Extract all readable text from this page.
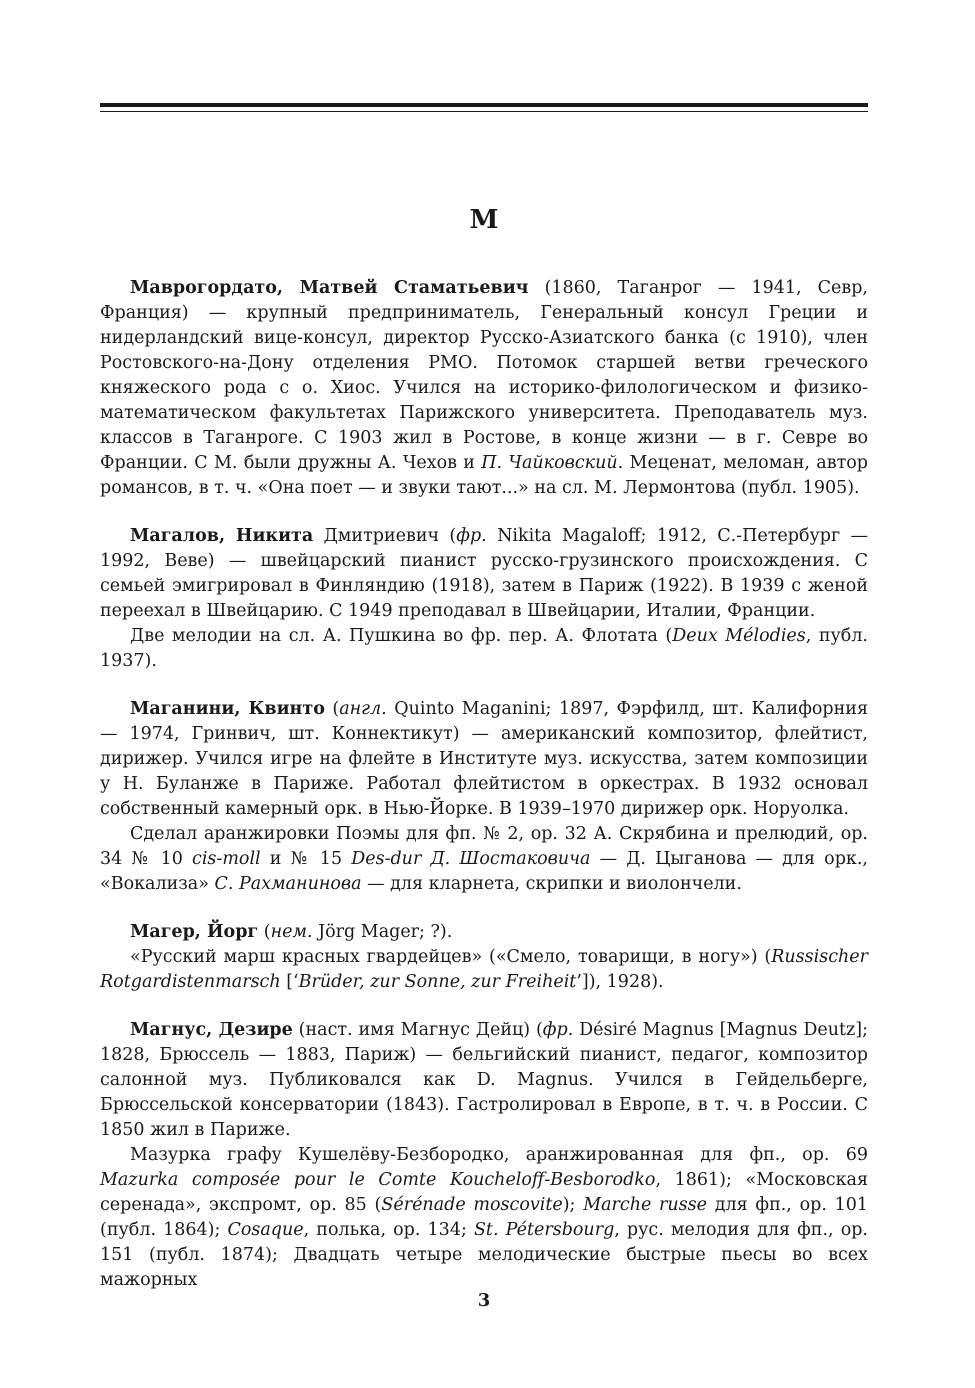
М

Маврогордато, Матвей Стаматьевич (1860, Таганрог — 1941, Севр, Франция) — крупный предприниматель, Генеральный консул Греции и нидерландский вице-консул, директор Русско-Азиатского банка (с 1910), член Ростовского-на-Дону отделения РМО. Потомок старшей ветви греческого княжеского рода с о. Хиос. Учился на историко-филологическом и физико-математическом факультетах Парижского университета. Преподаватель муз. классов в Таганроге. С 1903 жил в Ростове, в конце жизни — в г. Севре во Франции. С М. были дружны А. Чехов и П. Чайковский. Меценат, меломан, автор романсов, в т. ч. «Она поет — и звуки тают...» на сл. М. Лермонтова (публ. 1905).

Магалов, Никита Дмитриевич (фр. Nikita Magaloff; 1912, С.-Петербург — 1992, Веве) — швейцарский пианист русско-грузинского происхождения. С семьей эмигрировал в Финляндию (1918), затем в Париж (1922). В 1939 с женой переехал в Швейцарию. С 1949 преподавал в Швейцарии, Италии, Франции.

Две мелодии на сл. А. Пушкина во фр. пер. А. Флотата (Deux Mélodies, публ. 1937).

Маганини, Квинто (англ. Quinto Maganini; 1897, Фэрфилд, шт. Калифорния — 1974, Гринвич, шт. Коннектикут) — американский композитор, флейтист, дирижер. Учился игре на флейте в Институте муз. искусства, затем композиции у Н. Буланже в Париже. Работал флейтистом в оркестрах. В 1932 основал собственный камерный орк. в Нью-Йорке. В 1939–1970 дирижер орк. Норуолка.

Сделал аранжировки Поэмы для фп. № 2, ор. 32 А. Скрябина и прелюдий, ор. 34 № 10 cis-moll и № 15 Des-dur Д. Шостаковича — Д. Цыганова — для орк., «Вокализа» С. Рахманинова — для кларнета, скрипки и виолончели.

Магер, Йорг (нем. Jörg Mager; ?).

«Русский марш красных гвардейцев» («Смело, товарищи, в ногу») (Russischer Rotgardistenmarsch [‘Brüder, zur Sonne, zur Freiheit’]), 1928).

Магнус, Дезире (наст. имя Магнус Дейц) (фр. Désiré Magnus [Magnus Deutz]; 1828, Брюссель — 1883, Париж) — бельгийский пианист, педагог, композитор салонной муз. Публиковался как D. Magnus. Учился в Гейдельберге, Брюссельской консерватории (1843). Гастролировал в Европе, в т. ч. в России. С 1850 жил в Париже.

Мазурка графу Кушелёву-Безбородко, аранжированная для фп., ор. 69 Mazurka composée pour le Comte Koucheloff-Besborodko, 1861); «Московская серенада», экспромт, ор. 85 (Sérénade moscovite); Marche russe для фп., ор. 101 (публ. 1864); Cosaque, полька, ор. 134; St. Pétersbourg, рус. мелодия для фп., ор. 151 (публ. 1874); Двадцать четыре мелодические быстрые пьесы во всех мажорных

3
